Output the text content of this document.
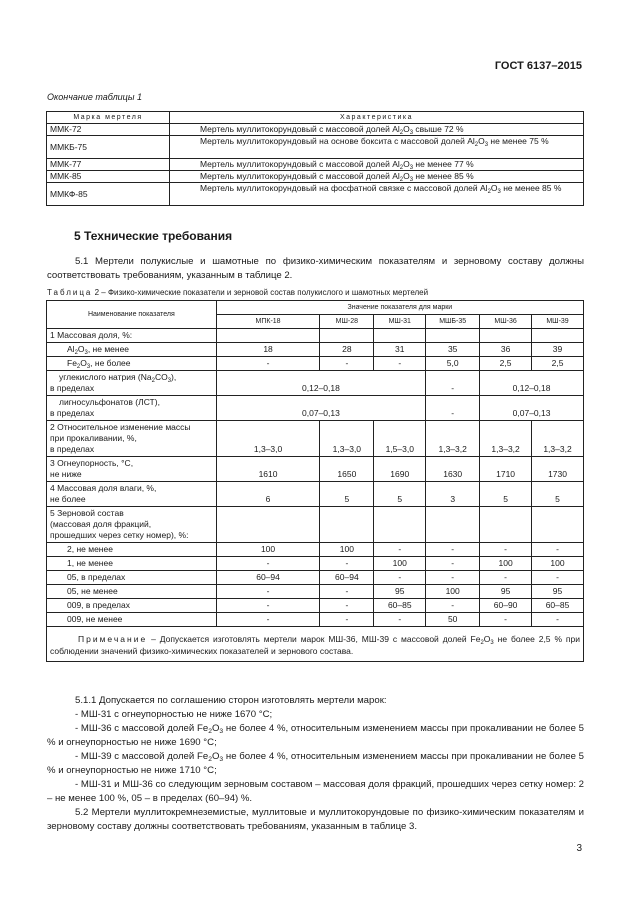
ГОСТ 6137–2015
Окончание таблицы 1
Марка мертеля	Характеристика
ММК-72	Мертель муллитокорундовый с массовой долей $Al_2O_3$ свыше 72 %
ММКБ-75	Мертель муллитокорундовый на основе боксита с массовой долей $Al_2O_3$ не менее 75 %
ММК-77	Мертель муллитокорундовый с массовой долей $Al_2O_3$ не менее 77 %
ММК-85	Мертель муллитокорундовый с массовой долей $Al_2O_3$ не менее 85 %
ММКФ-85	Мертель муллитокорундовый на фосфатной связке с массовой долей $Al_2O_3$ не менее 85 %
5 Технические требования
5.1 Мертели полукислые и шамотные по физико-химическим показателям и зерновому составу должны соответствовать требованиям, указанным в таблице 2.
Таблица 2 – Физико-химические показатели и зерновой состав полукислого и шамотных мертелей
Наименование показателя	Значение показателя для марки					
	МПК-18	МШ-28	МШ-31	МШБ-35	МШ-36	МШ-39
1 Массовая доля, %:						
$Al_2O_3$, не менее	18	28	31	35	36	39
$Fe_2O_3$, не более	-	-	-	5,0	2,5	2,5
углекислого натрия $(Na_2CO_3)$,
в пределах	0,12–0,18			-	0,12–0,18	
лигносульфонатов (ЛСТ),
в пределах	0,07–0,13			-	0,07–0,13	
2 Относительное изменение массы
при прокаливании, %,
в пределах	1,3–3,0	1,3–3,0	1,5–3,0	1,3–3,2	1,3–3,2	1,3–3,2
3 Огнеупорность, °С,
не ниже	1610	1650	1690	1630	1710	1730
4 Массовая доля влаги, %,
не более	6	5	5	3	5	5
5 Зерновой состав
(массовая доля фракций,
прошедших через сетку номер), %:						
2, не менее	100	100	-	-	-	-
1, не менее	-	-	100	-	100	100
05, в пределах	60–94	60–94	-	-	-	-
05, не менее	-	-	95	100	95	95
009, в пределах	-	-	60–85	-	60–90	60–85
009, не менее	-	-	-	50	-	-
Примечание – Допускается изготовлять мертели марок МШ-36, МШ-39 с массовой долей $Fe_2O_3$ не более 2,5 % при соблюдении значений физико-химических показателей и зернового состава.						
5.1.1 Допускается по соглашению сторон изготовлять мертели марок:
- МШ-31 с огнеупорностью не ниже 1670 °С;
- МШ-36 с массовой долей $Fe_2O_3$ не более 4 %, относительным изменением массы при прокаливании не более 5 % и огнеупорностью не ниже 1690 °С;
- МШ-39 с массовой долей $Fe_2O_3$ не более 4 %, относительным изменением массы при прокаливании не более 5 % и огнеупорностью не ниже 1710 °С;
- МШ-31 и МШ-36 со следующим зерновым составом – массовая доля фракций, прошедших через сетку номер: 2 – не менее 100 %, 05 – в пределах (60–94) %.
5.2 Мертели муллитокремнеземистые, муллитовые и муллитокорундовые по физико-химическим показателям и зерновому составу должны соответствовать требованиям, указанным в таблице 3.
3
